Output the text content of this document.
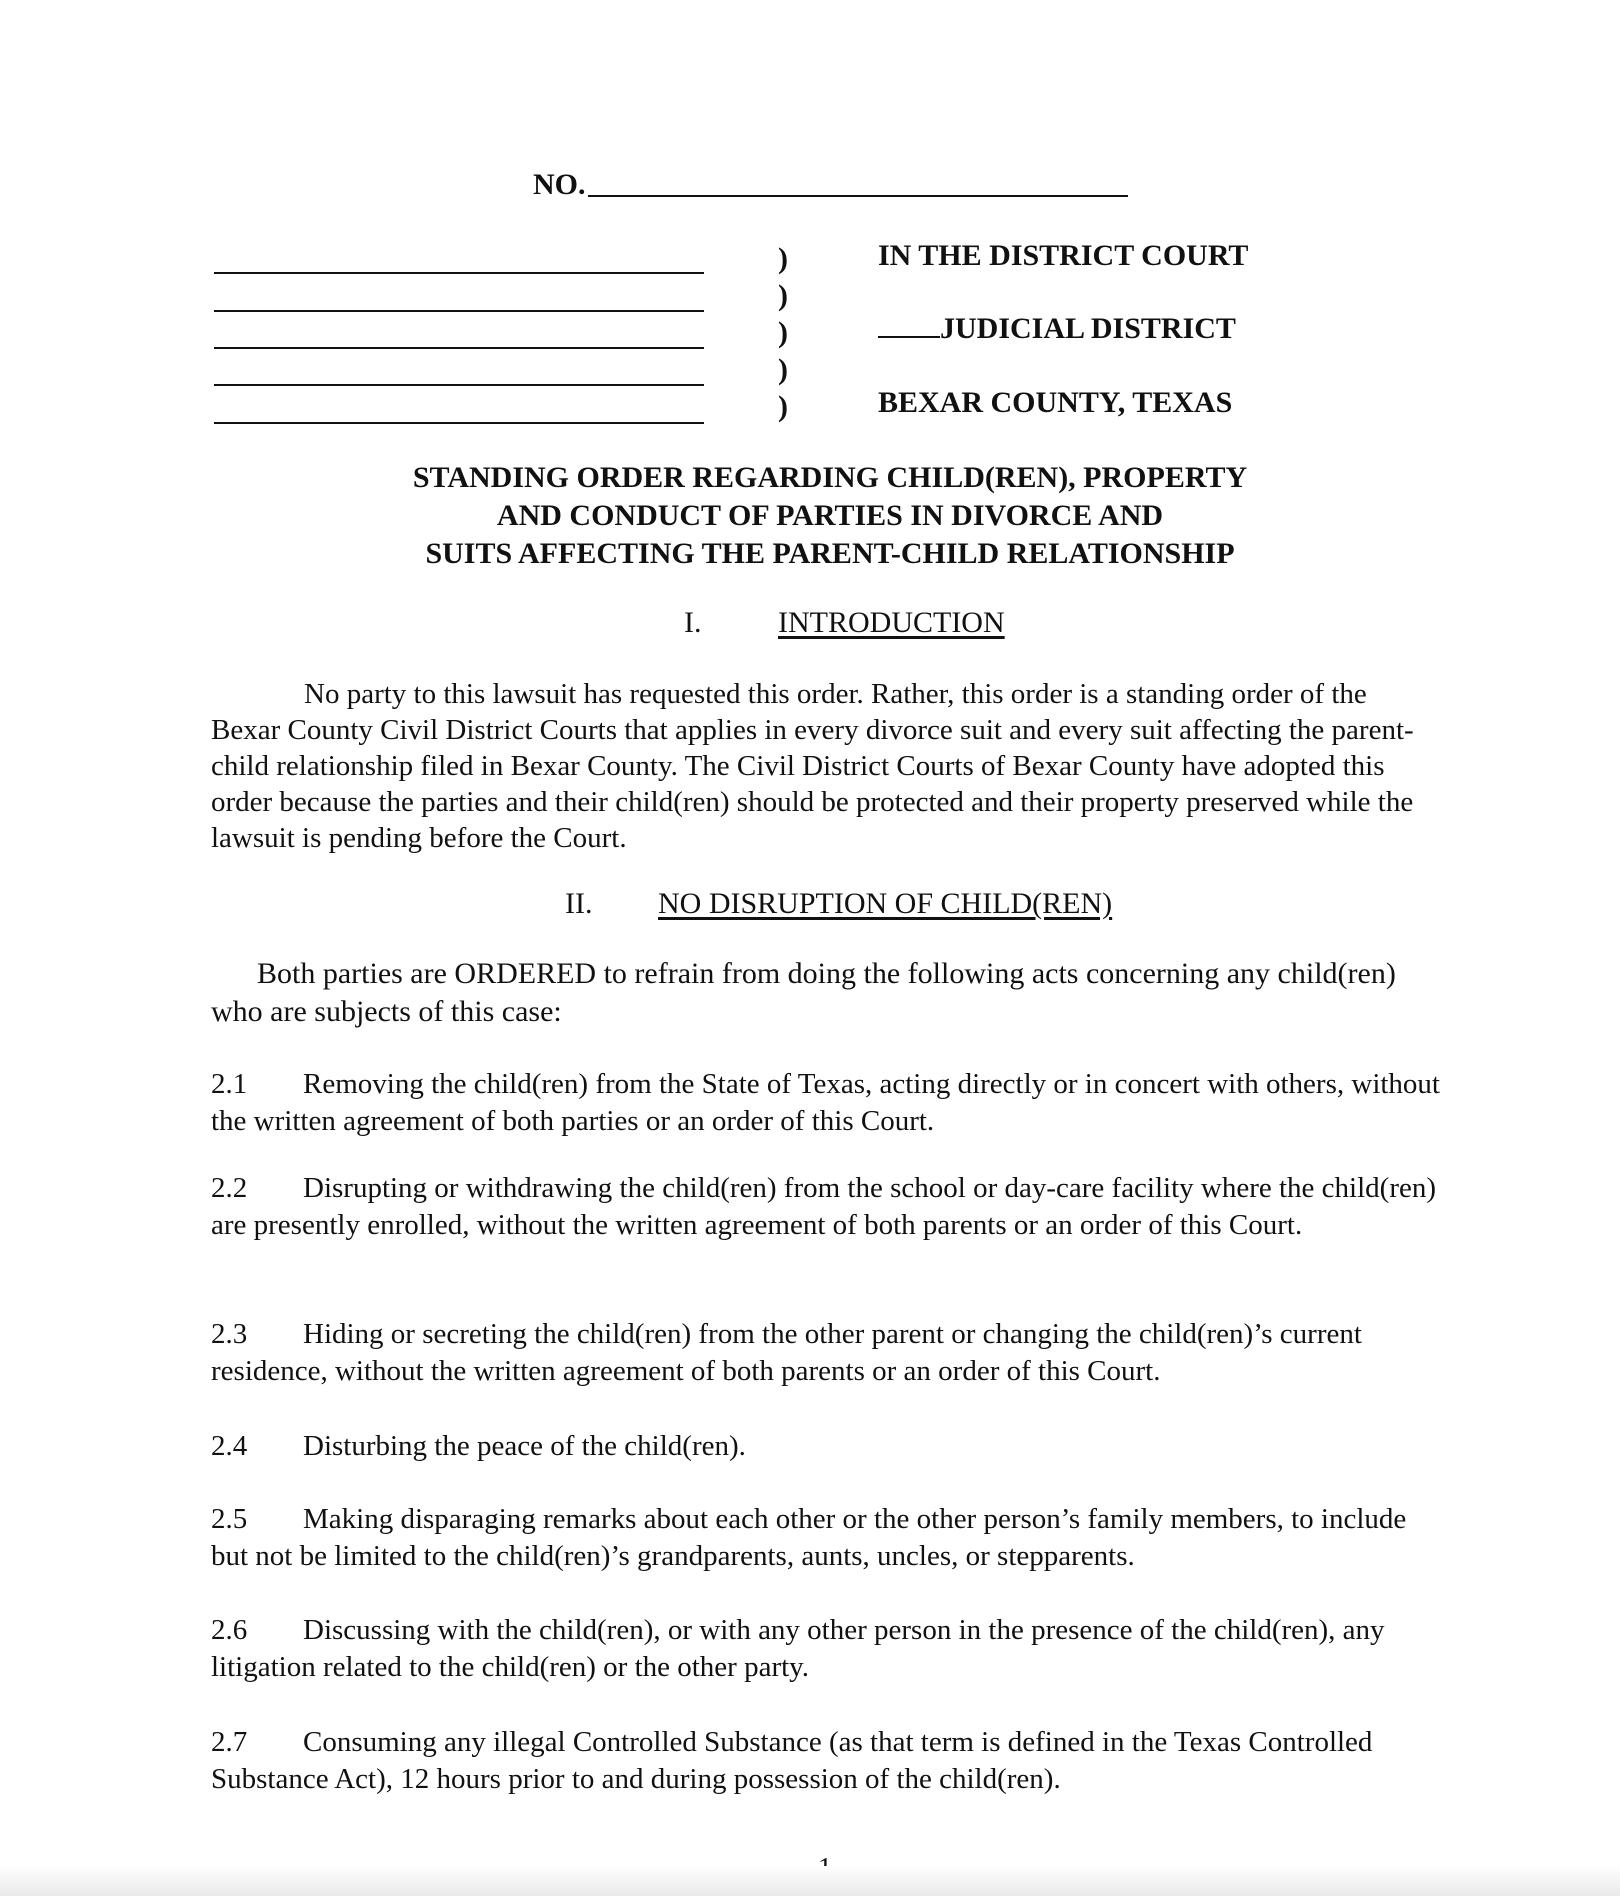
NO.
)
)
)
)
)
IN THE DISTRICT COURT
JUDICIAL DISTRICT
BEXAR COUNTY, TEXAS
STANDING ORDER REGARDING CHILD(REN), PROPERTY
AND CONDUCT OF PARTIES IN DIVORCE AND
SUITS AFFECTING THE PARENT-CHILD RELATIONSHIP
I.	INTRODUCTION
No party to this lawsuit has requested this order. Rather, this order is a standing order of the Bexar County Civil District Courts that applies in every divorce suit and every suit affecting the parent-child relationship filed in Bexar County. The Civil District Courts of Bexar County have adopted this order because the parties and their child(ren) should be protected and their property preserved while the lawsuit is pending before the Court.
II. NO DISRUPTION OF CHILD(REN)
Both parties are ORDERED to refrain from doing the following acts concerning any child(ren) who are subjects of this case:
2.1 Removing the child(ren) from the State of Texas, acting directly or in concert with others, without the written agreement of both parties or an order of this Court.
2.2 Disrupting or withdrawing the child(ren) from the school or day-care facility where the child(ren) are presently enrolled, without the written agreement of both parents or an order of this Court.
2.3 Hiding or secreting the child(ren) from the other parent or changing the child(ren)’s current residence, without the written agreement of both parents or an order of this Court.
2.4 Disturbing the peace of the child(ren).
2.5 Making disparaging remarks about each other or the other person’s family members, to include but not be limited to the child(ren)’s grandparents, aunts, uncles, or stepparents.
2.6 Discussing with the child(ren), or with any other person in the presence of the child(ren), any litigation related to the child(ren) or the other party.
2.7 Consuming any illegal Controlled Substance (as that term is defined in the Texas Controlled Substance Act), 12 hours prior to and during possession of the child(ren).
